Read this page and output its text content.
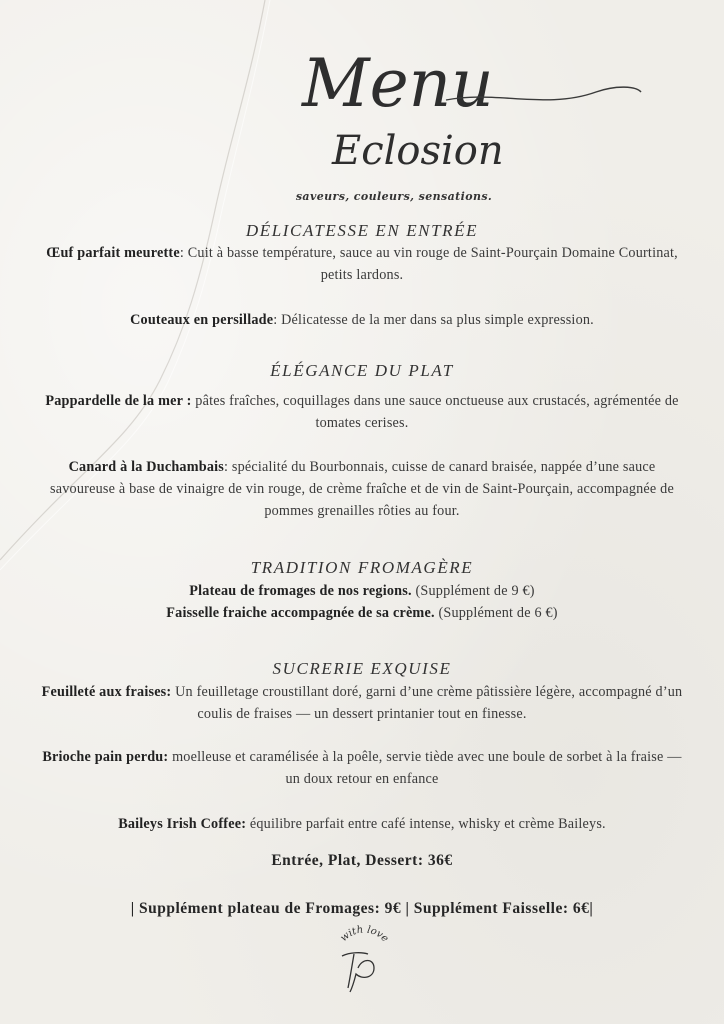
Menu
Eclosion
saveurs, couleurs, sensations.
DÉLICATESSE EN ENTRÉE
Œuf parfait meurette: Cuit à basse température, sauce au vin rouge de Saint-Pourçain Domaine Courtinat, petits lardons.
Couteaux en persillade: Délicatesse de la mer dans sa plus simple expression.
ÉLÉGANCE DU PLAT
Pappardelle de la mer : pâtes fraîches, coquillages dans une sauce onctueuse aux crustacés, agrémentée de tomates cerises.
Canard à la Duchambais: spécialité du Bourbonnais, cuisse de canard braisée, nappée d’une sauce savoureuse à base de vinaigre de vin rouge, de crème fraîche et de vin de Saint-Pourçain, accompagnée de pommes grenailles rôties au four.
TRADITION FROMAGÈRE
Plateau de fromages de nos regions. (Supplément de 9 €)
Faisselle fraiche accompagnée de sa crème. (Supplément de 6 €)
SUCRERIE EXQUISE
Feuilleté aux fraises: Un feuilletage croustillant doré, garni d’une crème pâtissière légère, accompagné d’un coulis de fraises — un dessert printanier tout en finesse.
Brioche pain perdu: moelleuse et caramélisée à la poêle, servie tiède avec une boule de sorbet à la fraise — un doux retour en enfance
Baileys Irish Coffee: équilibre parfait entre café intense, whisky et crème Baileys.
Entrée, Plat, Dessert: 36€
| Supplément plateau de Fromages: 9€ | Supplément Faisselle: 6€|
with love
